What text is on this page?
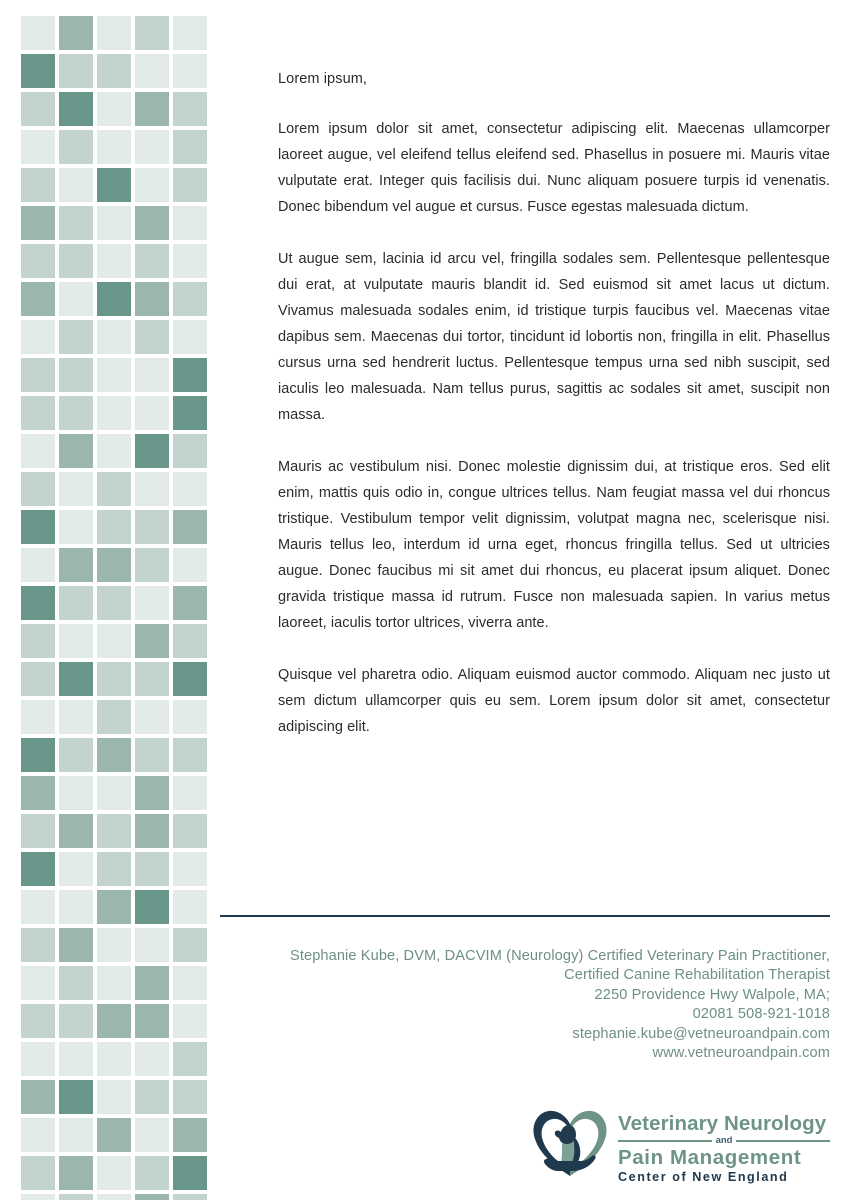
Lorem ipsum,

Lorem ipsum dolor sit amet, consectetur adipiscing elit. Maecenas ullamcorper laoreet augue, vel eleifend tellus eleifend sed. Phasellus in posuere mi. Mauris vitae vulputate erat. Integer quis facilisis dui. Nunc aliquam posuere turpis id venenatis. Donec bibendum vel augue et cursus. Fusce egestas malesuada dictum.

Ut augue sem, lacinia id arcu vel, fringilla sodales sem. Pellentesque pellentesque dui erat, at vulputate mauris blandit id. Sed euismod sit amet lacus ut dictum. Vivamus malesuada sodales enim, id tristique turpis faucibus vel. Maecenas vitae dapibus sem. Maecenas dui tortor, tincidunt id lobortis non, fringilla in elit. Phasellus cursus urna sed hendrerit luctus. Pellentesque tempus urna sed nibh suscipit, sed iaculis leo malesuada. Nam tellus purus, sagittis ac sodales sit amet, suscipit non massa.

Mauris ac vestibulum nisi. Donec molestie dignissim dui, at tristique eros. Sed elit enim, mattis quis odio in, congue ultrices tellus. Nam feugiat massa vel dui rhoncus tristique. Vestibulum tempor velit dignissim, volutpat magna nec, scelerisque nisi. Mauris tellus leo, interdum id urna eget, rhoncus fringilla tellus. Sed ut ultricies augue. Donec faucibus mi sit amet dui rhoncus, eu placerat ipsum aliquet. Donec gravida tristique massa id rutrum. Fusce non malesuada sapien. In varius metus laoreet, iaculis tortor ultrices, viverra ante.

Quisque vel pharetra odio. Aliquam euismod auctor commodo. Aliquam nec justo ut sem dictum ullamcorper quis eu sem. Lorem ipsum dolor sit amet, consectetur adipiscing elit.

Stephanie Kube, DVM, DACVIM (Neurology) Certified Veterinary Pain Practitioner, Certified Canine Rehabilitation Therapist
2250 Providence Hwy Walpole, MA;
02081 508-921-1018
stephanie.kube@vetneuroandpain.com
www.vetneuroandpain.com
Veterinary Neurology
and
Pain Management
Center of New England
